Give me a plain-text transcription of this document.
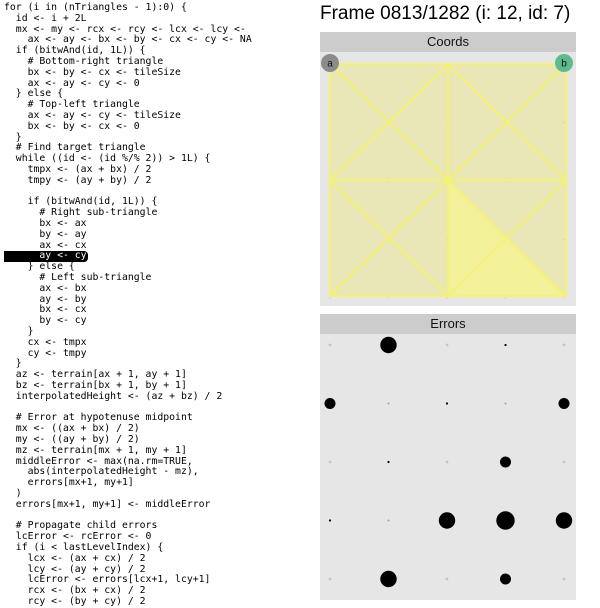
for (i in (nTriangles - 1):0) {
id <- i + 2L
mx <- my <- rcx <- rcy <- lcx <- lcy <-
ax <- ay <- bx <- by <- cx <- cy <- NA
if (bitwAnd(id, 1L)) {
# Bottom-right triangle
bx <- by <- cx <- tileSize
ax <- ay <- cy <- 0
} else {
# Top-left triangle
ax <- ay <- cy <- tileSize
bx <- by <- cx <- 0
}
# Find target triangle
while ((id <- (id %/% 2)) > 1L) {
tmpx <- (ax + bx) / 2
tmpy <- (ay + by) / 2
if (bitwAnd(id, 1L)) {
# Right sub-triangle
bx <- ax
by <- ay
ax <- cx
ay <- cy
} else {
# Left sub-triangle
ax <- bx
ay <- by
bx <- cx
by <- cy
}
cx <- tmpx
cy <- tmpy
}
az <- terrain[ax + 1, ay + 1]
bz <- terrain[bx + 1, by + 1]
interpolatedHeight <- (az + bz) / 2
# Error at hypotenuse midpoint
mx <- ((ax + bx) / 2)
my <- ((ay + by) / 2)
mz <- terrain[mx + 1, my + 1]
middleError <- max(na.rm=TRUE,
abs(interpolatedHeight - mz),
errors[mx+1, my+1]
)
errors[mx+1, my+1] <- middleError
# Propagate child errors
lcError <- rcError <- 0
if (i < lastLevelIndex) {
lcx <- (ax + cx) / 2
lcy <- (ay + cy) / 2
lcError <- errors[lcx+1, lcy+1]
rcx <- (bx + cx) / 2
rcy <- (by + cy) / 2
Frame 0813/1282 (i: 12, id: 7)
Coords
a	b
Errors
